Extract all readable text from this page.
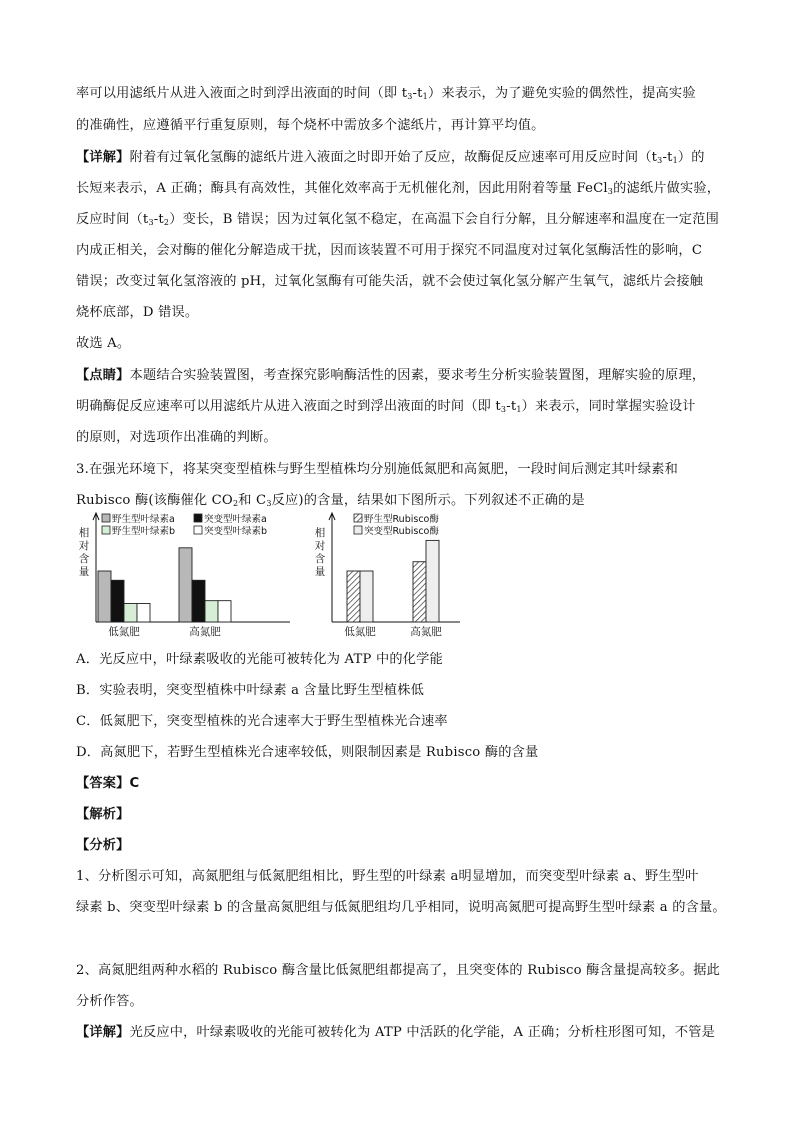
率可以用滤纸片从进入液面之时到浮出液面的时间（即 $t_3-t_1$）来表示，为了避免实验的偶然性，提高实验
的准确性，应遵循平行重复原则，每个烧杯中需放多个滤纸片，再计算平均值。
【详解】附着有过氧化氢酶的滤纸片进入液面之时即开始了反应，故酶促反应速率可用反应时间$(t_3-t_1)$的
长短来表示，A 正确；酶具有高效性，其催化效率高于无机催化剂，因此用附着等量 FeCl$_3$的滤纸片做实验，
反应时间$(t_3-t_2)$变长，B 错误；因为过氧化氢不稳定，在高温下会自行分解，且分解速率和温度在一定范围
内成正相关，会对酶的催化分解造成干扰，因而该装置不可用于探究不同温度对过氧化氢酶活性的影响，C
错误；改变过氧化氢溶液的 pH，过氧化氢酶有可能失活，就不会使过氧化氢分解产生氧气，滤纸片会接触
烧杯底部，D 错误。
故选 A。
【点睛】本题结合实验装置图，考查探究影响酶活性的因素，要求考生分析实验装置图，理解实验的原理，
明确酶促反应速率可以用滤纸片从进入液面之时到浮出液面的时间（即 $t_3-t_1$）来表示，同时掌握实验设计
的原则，对选项作出准确的判断。
3.在强光环境下，将某突变型植株与野生型植株均分别施低氮肥和高氮肥，一段时间后测定其叶绿素和
Rubisco 酶(该酶催化 $CO_2$和 $C_3$反应)的含量，结果如下图所示。下列叙述不正确的是
相
对
含
量
低氮肥	高氮肥
野生型叶绿素a	突变型叶绿素a
野生型叶绿素b	突变型叶绿素b	相
对
含
量
低氮肥	高氮肥
野生型Rubisco酶
突变型Rubisco酶
A．光反应中，叶绿素吸收的光能可被转化为 ATP 中的化学能
B．实验表明，突变型植株中叶绿素 a 含量比野生型植株低
C．低氮肥下，突变型植株的光合速率大于野生型植株光合速率
D．高氮肥下，若野生型植株光合速率较低，则限制因素是 Rubisco 酶的含量
【答案】C
【解析】
【分析】
1、分析图示可知，高氮肥组与低氮肥组相比，野生型的叶绿素 a明显增加，而突变型叶绿素 a、野生型叶
绿素 b、突变型叶绿素 b 的含量高氮肥组与低氮肥组均几乎相同，说明高氮肥可提高野生型叶绿素 a 的含量。
2、高氮肥组两种水稻的 Rubisco 酶含量比低氮肥组都提高了，且突变体的 Rubisco 酶含量提高较多。据此
分析作答。
【详解】光反应中，叶绿素吸收的光能可被转化为 ATP 中活跃的化学能，A 正确；分析柱形图可知，不管是
